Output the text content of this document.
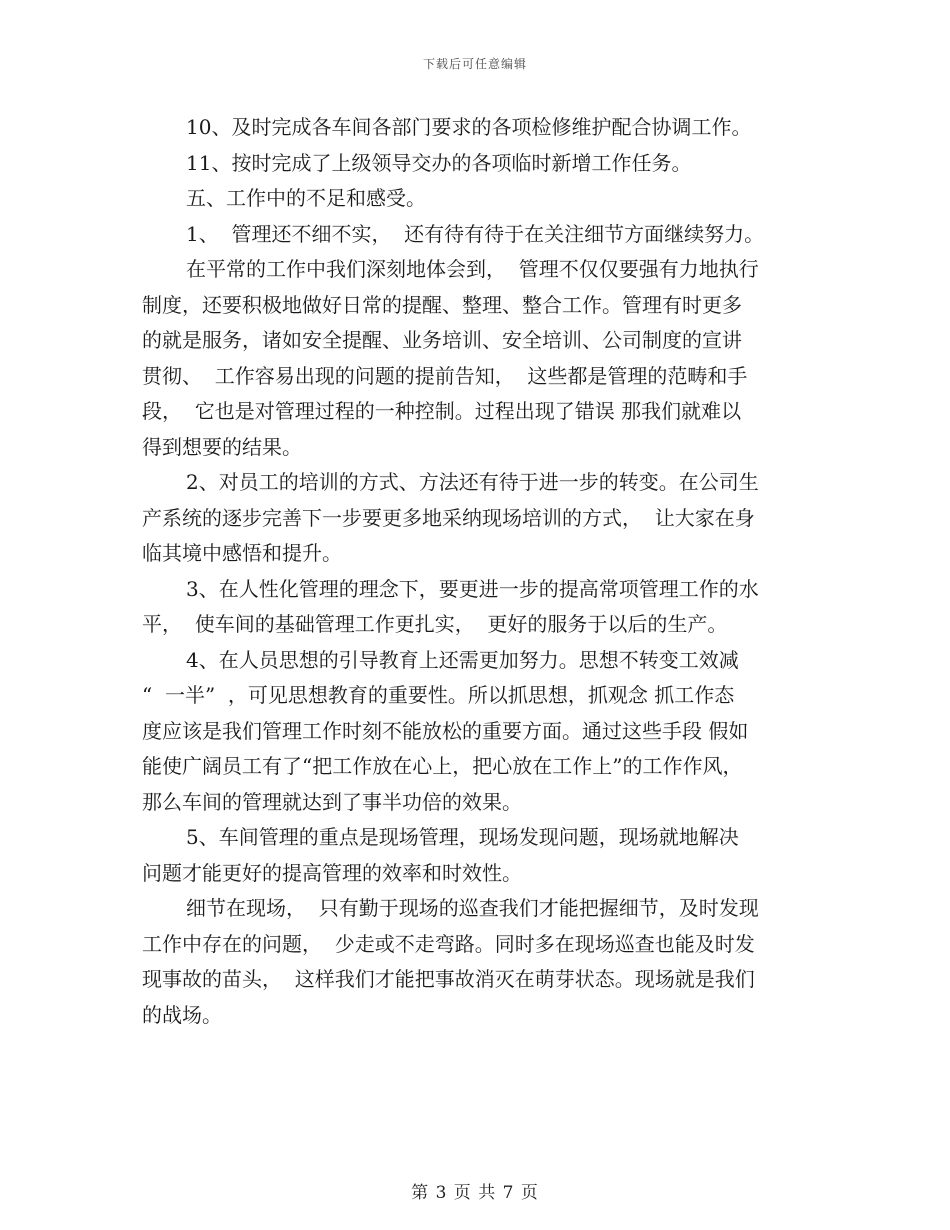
下载后可任意编辑
10、及时完成各车间各部门要求的各项检修维护配合协调工作。
11、按时完成了上级领导交办的各项临时新增工作任务。
五、工作中的不足和感受。
1、  管理还不细不实，  还有待有待于在关注细节方面继续努力。
在平常的工作中我们深刻地体会到，  管理不仅仅要强有力地执行
制度，还要积极地做好日常的提醒、整理、整合工作。管理有时更多
的就是服务，诸如安全提醒、业务培训、安全培训、公司制度的宣讲
贯彻、  工作容易出现的问题的提前告知，  这些都是管理的范畴和手
段，  它也是对管理过程的一种控制。过程出现了错误 那我们就难以
得到想要的结果。
2、对员工的培训的方式、方法还有待于进一步的转变。在公司生
产系统的逐步完善下一步要更多地采纳现场培训的方式，  让大家在身
临其境中感悟和提升。
3、在人性化管理的理念下，要更进一步的提高常项管理工作的水
平，  使车间的基础管理工作更扎实，  更好的服务于以后的生产。
4、在人员思想的引导教育上还需更加努力。思想不转变工效减
“  一半”  ，可见思想教育的重要性。所以抓思想，抓观念 抓工作态
度应该是我们管理工作时刻不能放松的重要方面。通过这些手段 假如
能使广阔员工有了“把工作放在心上，把心放在工作上”的工作作风，
那么车间的管理就达到了事半功倍的效果。
5、车间管理的重点是现场管理，现场发现问题，现场就地解决
问题才能更好的提高管理的效率和时效性。
细节在现场，  只有勤于现场的巡查我们才能把握细节，及时发现
工作中存在的问题，  少走或不走弯路。同时多在现场巡查也能及时发
现事故的苗头，  这样我们才能把事故消灭在萌芽状态。现场就是我们
的战场。
第 3 页 共 7 页
